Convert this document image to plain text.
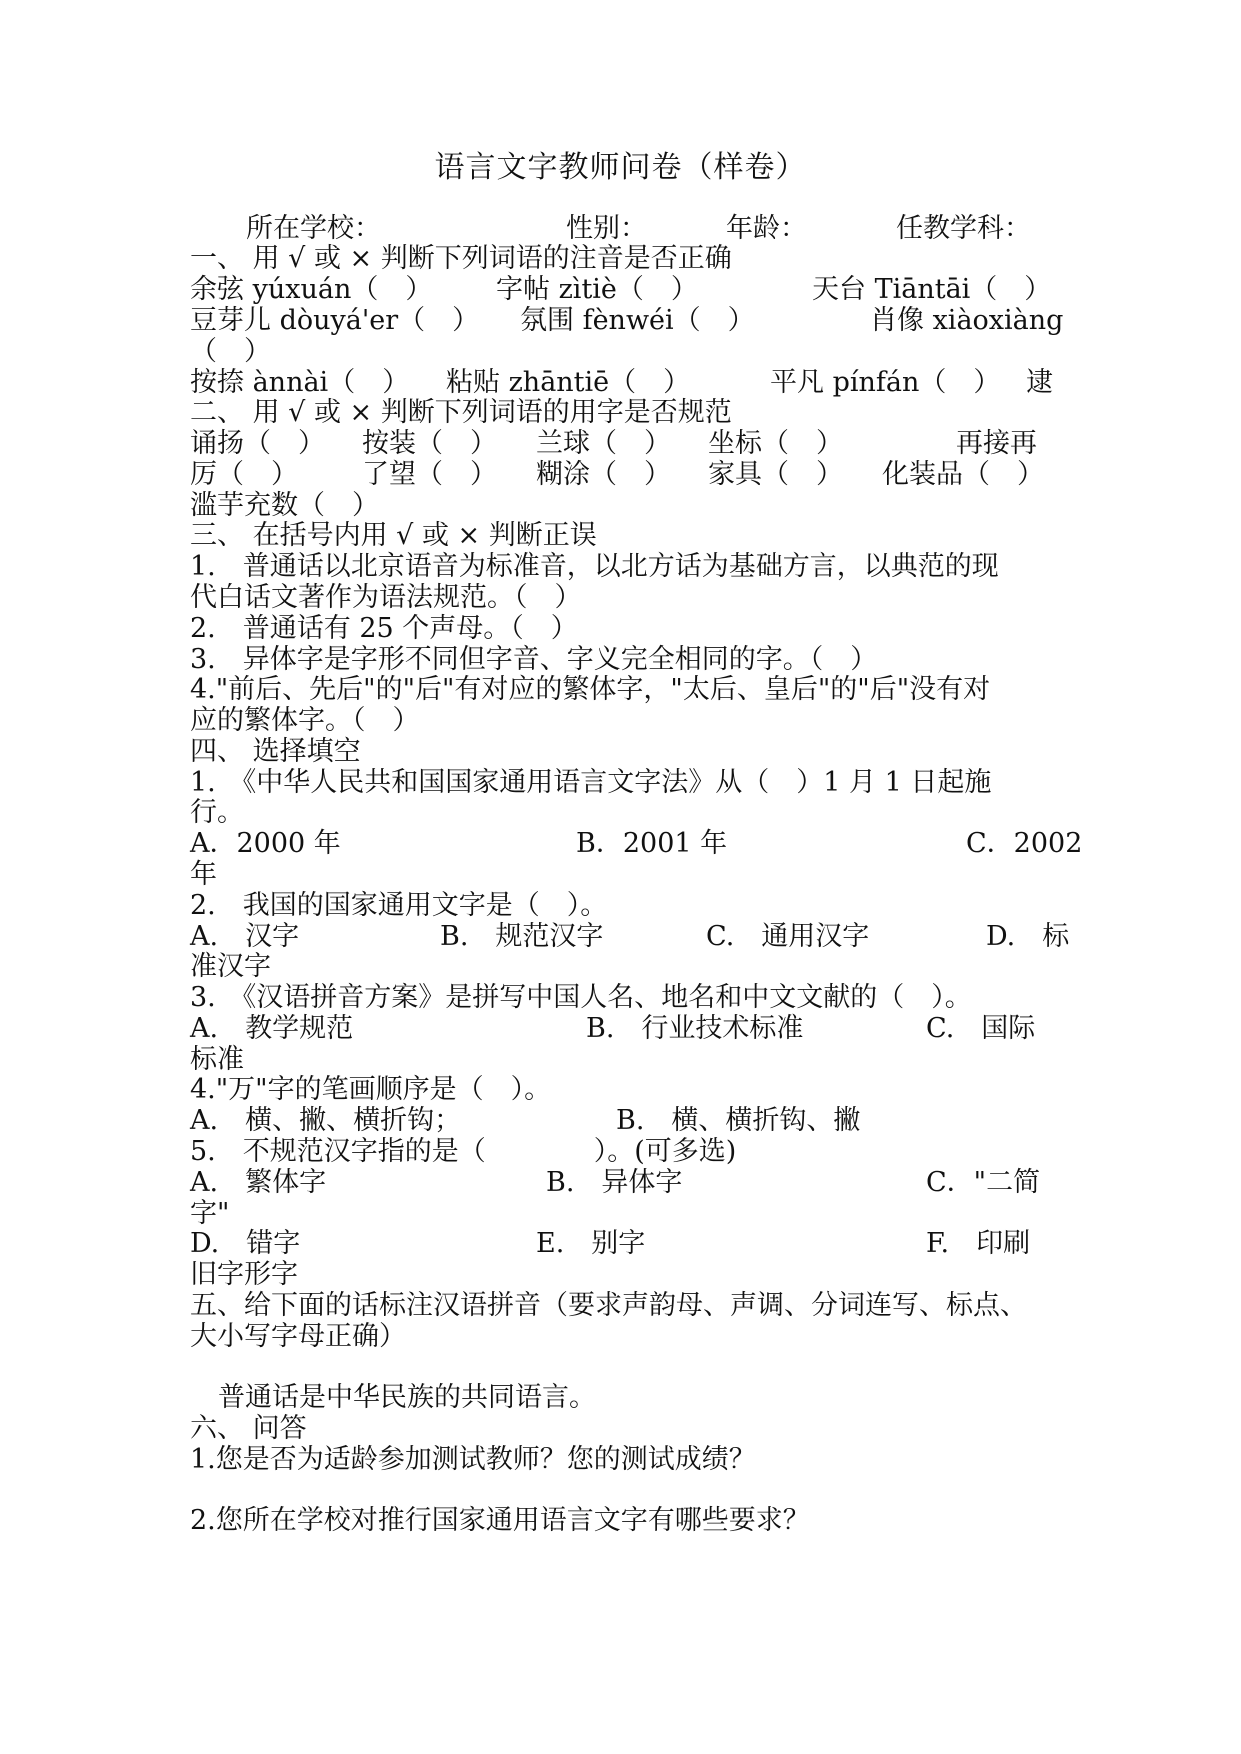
语言文字教师问卷（样卷）
所在学校：	性别：	年龄：	任教学科：
一、 用 √ 或 × 判断下列词语的注音是否正确
余弦 yúxuán（　） 字帖 zìtiè（　）	天台 Tiāntāi（　）
豆芽儿 dòuyá'er（　） 氛围 fènwéi（　）	肖像 xiàoxiàng
（　）
按捺 ànnài（　） 粘贴 zhāntiē（　）	平凡 pínfán（　） 逮
二、 用 √ 或 × 判断下列词语的用字是否规范
诵扬（　） 按装（　） 兰球（　） 坐标（　）	再接再
厉（　） 了望（　） 糊涂（　） 家具（　） 化装品（　）
滥芋充数（　）
三、 在括号内用 √ 或 × 判断正误
1.　普通话以北京语音为标准音，以北方话为基础方言，以典范的现
代白话文著作为语法规范。（　）
2.　普通话有 25 个声母。（　）
3.　异体字是字形不同但字音、字义完全相同的字。（　）
4."前后、先后"的"后"有对应的繁体字，"太后、皇后"的"后"没有对
应的繁体字。（　）
四、 选择填空
1.　《中华人民共和国国家通用语言文字法》从（　）1 月 1 日起施
行。
A．2000 年	B．2001 年	C．2002
年
2.　我国的国家通用文字是（　）。
A.　汉字	B.　规范汉字	C.　通用汉字	D.　标
准汉字
3.　《汉语拼音方案》是拼写中国人名、地名和中文文献的（　）。
A.　教学规范	B.　行业技术标准	C.　国际
标准
4."万"字的笔画顺序是（　）。
A.　横、撇、横折钩；	B.　横、横折钩、撇
5.　不规范汉字指的是（　　　　）。(可多选)
A.　繁体字	B.　异体字	C．"二简
字"
D.　错字	E.　别字	F.　印刷
旧字形字
五、给下面的话标注汉语拼音（要求声韵母、声调、分词连写、标点、
大小写字母正确）
普通话是中华民族的共同语言。
六、 问答
1.您是否为适龄参加测试教师？您的测试成绩？
2.您所在学校对推行国家通用语言文字有哪些要求？
